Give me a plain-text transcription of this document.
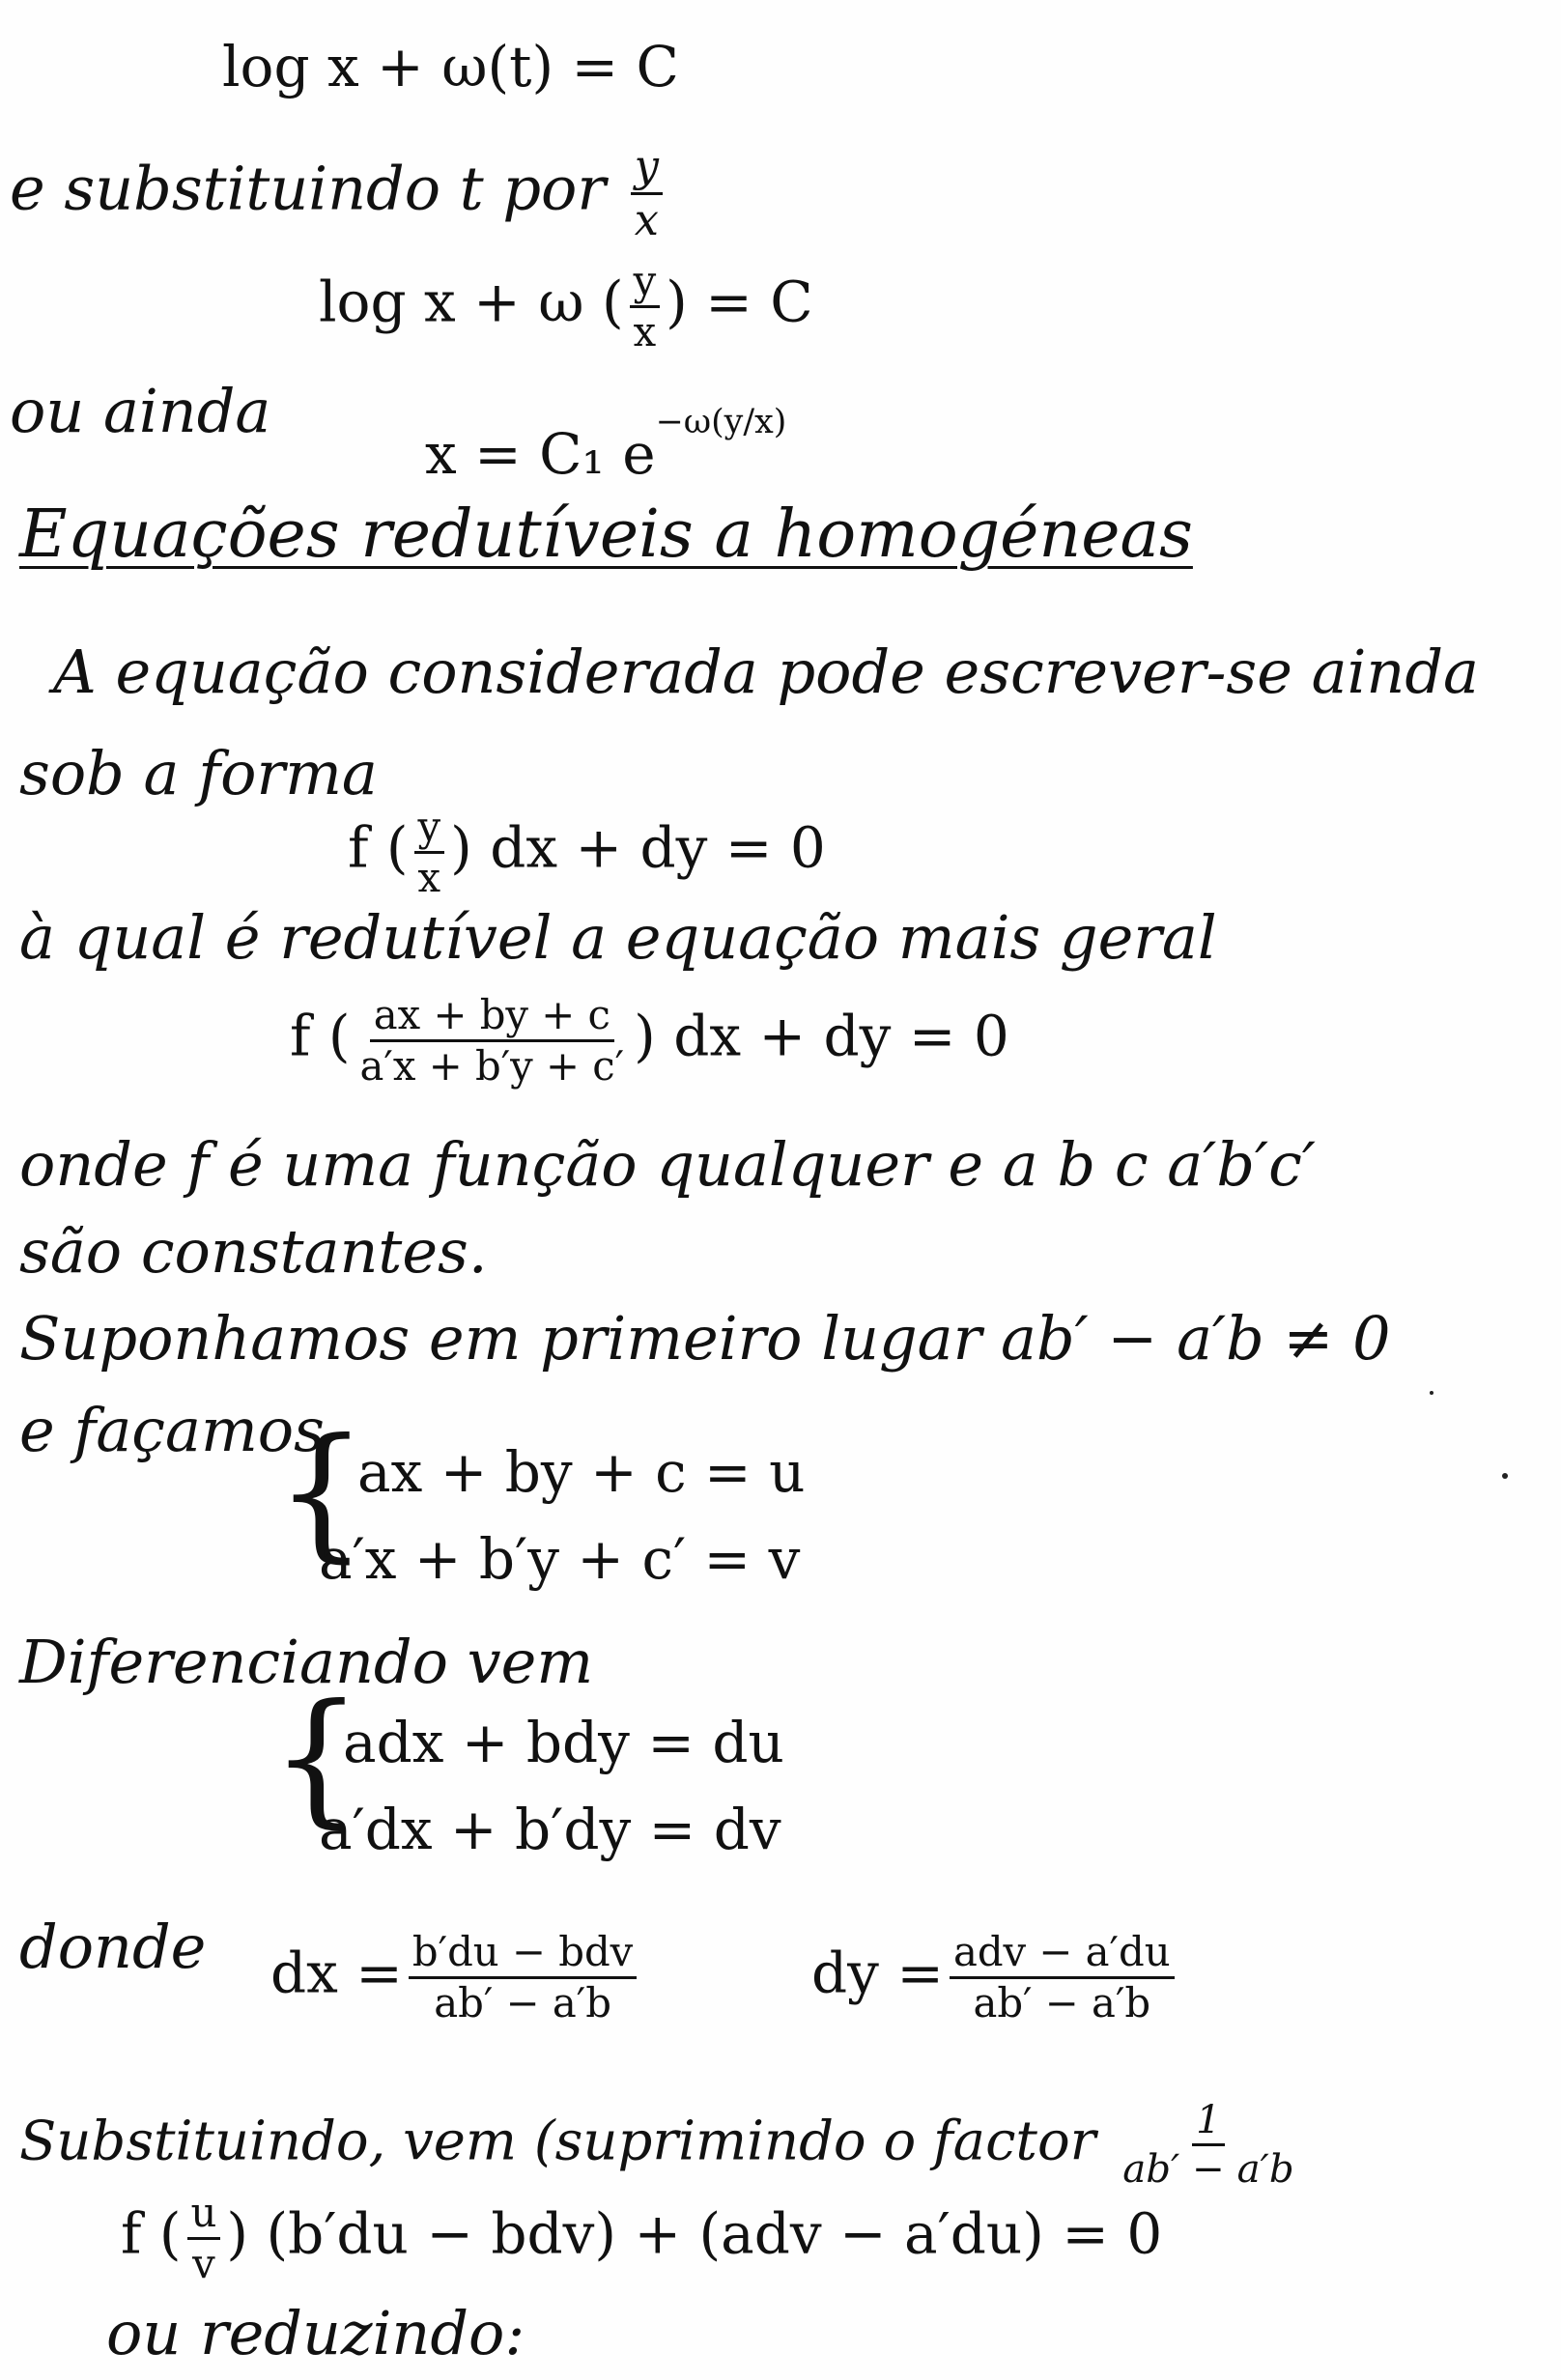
log x + ω(t) = C
e substituindo t por $\frac{y}{x}$
log x + ω ( $\frac{y}{x}$ ) = C
ou ainda
x = C₁ $e^{-\omega(y/x)}$
Equações redutíveis a homogéneas
A equação considerada pode escrever-se ainda
sob a forma
f ( $\frac{y}{x}$ ) dx + dy = 0
à qual é redutível a equação mais geral
f ( $\frac{ax + by + c}{a'x + b'y + c'}$ ) dx + dy = 0
onde f é uma função qualquer e a b c a′b′c′
são constantes.
Suponhamos em primeiro lugar ab′ − a′b ≠ 0
e façamos
{
ax + by + c = u
a′x + b′y + c′ = v
Diferenciando vem
{
adx + bdy = du
a′dx + b′dy = dv
donde dx = $\frac{\text{b′du − bdv}}{ab' - a'b}$	dy = $\frac{\text{adv − a′du}}{ab' - a'b}$
Substituindo, vem (suprimindo o factor $\frac{1}{ab' - a'b}$
f ( $\frac{u}{v}$ ) (b′du − bdv) + (adv − a′du) = 0
ou reduzindo:
